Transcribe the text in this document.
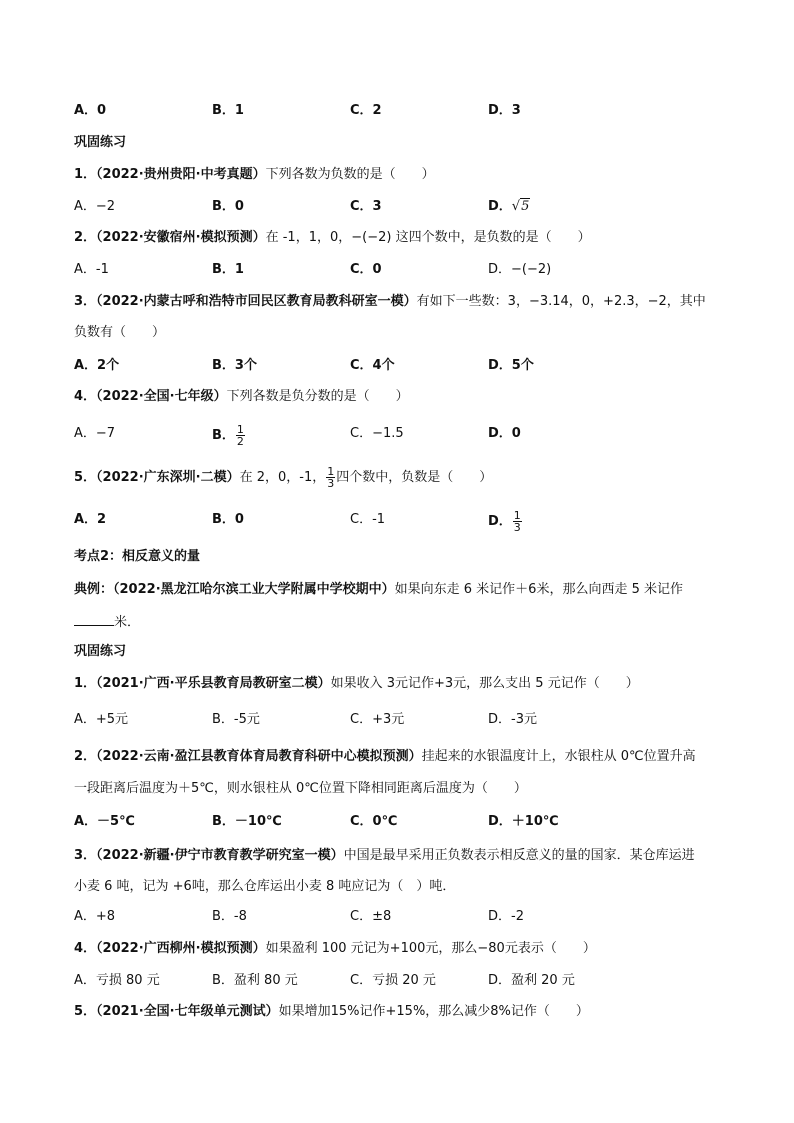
A．0	B．1	C．2	D．3
巩固练习
1．（2022·贵州贵阳·中考真题）下列各数为负数的是（　　）
A．−2	B．0	C．3	D．√5
2．（2022·安徽宿州·模拟预测）在 -1，1，0，−(−2) 这四个数中，是负数的是（　　）
A．-1	B．1	C．0	D．−(−2)
3．（2022·内蒙古呼和浩特市回民区教育局教科研室一模）有如下一些数：3，−3.14，0，+2.3，−2，其中
负数有（　　）
A．2个	B．3个	C．4个	D．5个
4．（2022·全国·七年级）下列各数是负分数的是（　　）
A．−7	B． $\frac{1}{2}$	C．−1.5	D．0
5．（2022·广东深圳·二模）在 2，0，-1， $\frac{1}{3}$ 四个数中，负数是（　　）
A．2	B．0	C．-1	D． $\frac{1}{3}$
考点2：相反意义的量
典例：（2022·黑龙江哈尔滨工业大学附属中学校期中）如果向东走 6 米记作＋6米，那么向西走 5 米记作
米．
巩固练习
1．（2021·广西·平乐县教育局教研室二模）如果收入 3元记作+3元，那么支出 5 元记作（　　）
A．+5元	B．-5元	C．+3元	D．-3元
2．（2022·云南·盈江县教育体育局教育科研中心模拟预测）挂起来的水银温度计上，水银柱从 0℃位置升高
一段距离后温度为＋5℃，则水银柱从 0℃位置下降相同距离后温度为（　　）
A．－5℃	B．－10℃	C．0℃	D．＋10℃
3．（2022·新疆·伊宁市教育教学研究室一模）中国是最早采用正负数表示相反意义的量的国家．某仓库运进
小麦 6 吨，记为 +6吨，那么仓库运出小麦 8 吨应记为（　）吨．
A．+8	B．-8	C．±8	D．-2
4．（2022·广西柳州·模拟预测）如果盈利 100 元记为+100元，那么−80元表示（　　）
A．亏损 80 元	B．盈利 80 元	C．亏损 20 元	D．盈利 20 元
5．（2021·全国·七年级单元测试）如果增加15%记作+15%，那么减少8%记作（　　）
